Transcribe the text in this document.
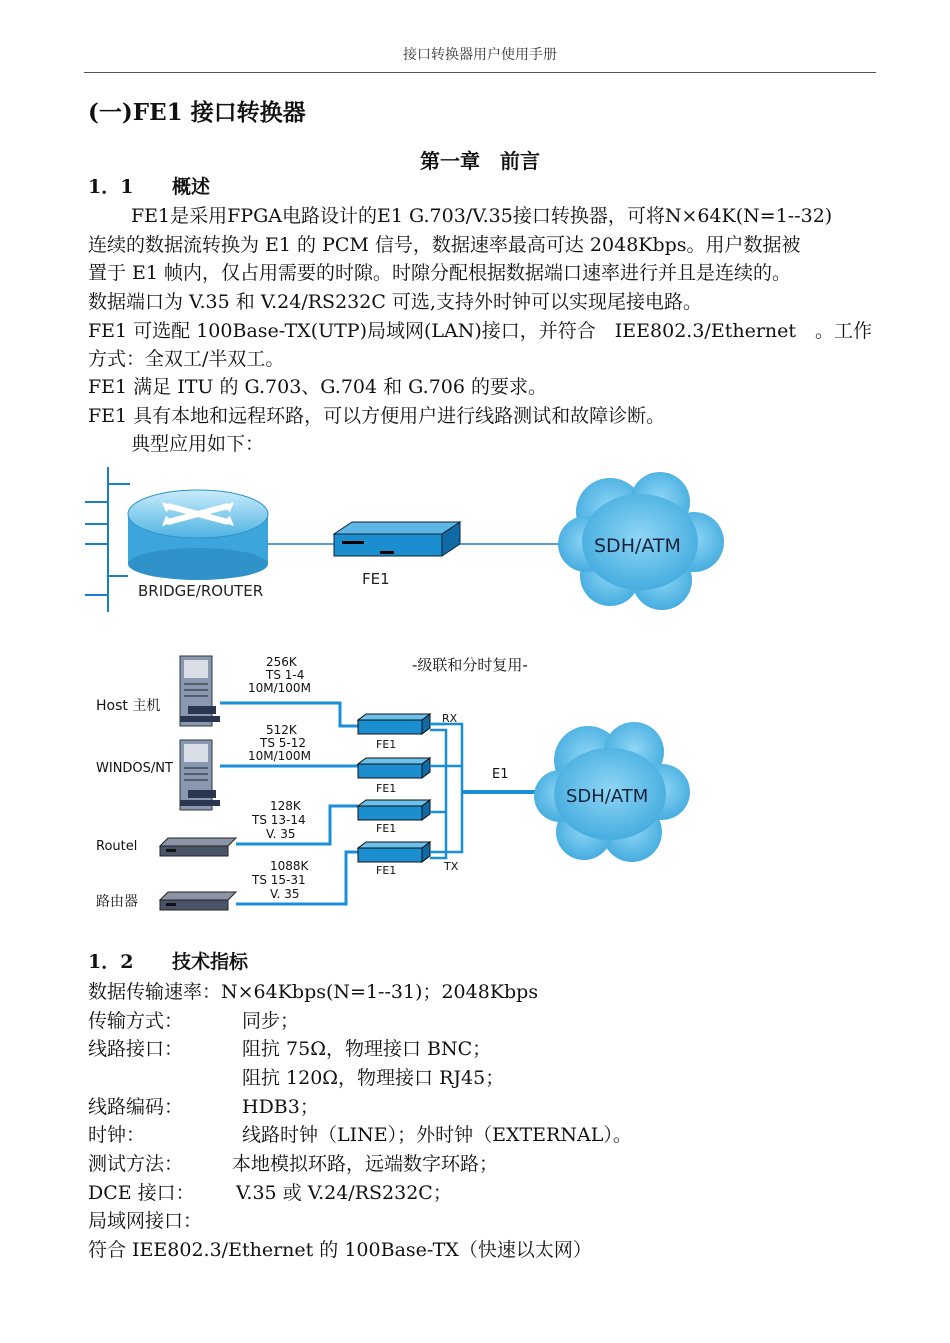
接口转换器用户使用手册
(一)FE1 接口转换器
第一章　前言
1．1 概述
FE1是采用FPGA电路设计的E1 G.703/V.35接口转换器，可将N×64K(N=1--32)
连续的数据流转换为 E1 的 PCM 信号，数据速率最高可达 2048Kbps。用户数据被
置于 E1 帧内，仅占用需要的时隙。时隙分配根据数据端口速率进行并且是连续的。
数据端口为 V.35 和 V.24/RS232C 可选,支持外时钟可以实现尾接电路。
FE1 可选配 100Base-TX(UTP)局域网(LAN)接口，并符合　IEE802.3/Ethernet　。工作
方式：全双工/半双工。
FE1 满足 ITU 的 G.703、G.704 和 G.706 的要求。
FE1 具有本地和远程环路，可以方便用户进行线路测试和故障诊断。
典型应用如下：
BRIDGE/ROUTER
FE1
SDH/ATM
-级联和分时复用-
Host 主机
WINDOS/NT
Routel
路由器
256K
TS 1-4
10M/100M
512K
TS 5-12
10M/100M
128K
TS 13-14
V. 35
1088K
TS 15-31
V. 35
FE1
FE1
FE1
FE1
RX
TX
E1
SDH/ATM
1．2 技术指标
数据传输速率：N×64Kbps(N=1--31)；2048Kbps
传输方式：	同步；
线路接口：	阻抗 75Ω，物理接口 BNC；
阻抗 120Ω，物理接口 RJ45；
线路编码：	HDB3；
时钟：	线路时钟（LINE）；外时钟（EXTERNAL）。
测试方法：	本地模拟环路，远端数字环路；
DCE 接口： V.35 或 V.24/RS232C；
局域网接口：
符合 IEE802.3/Ethernet 的 100Base-TX（快速以太网）
